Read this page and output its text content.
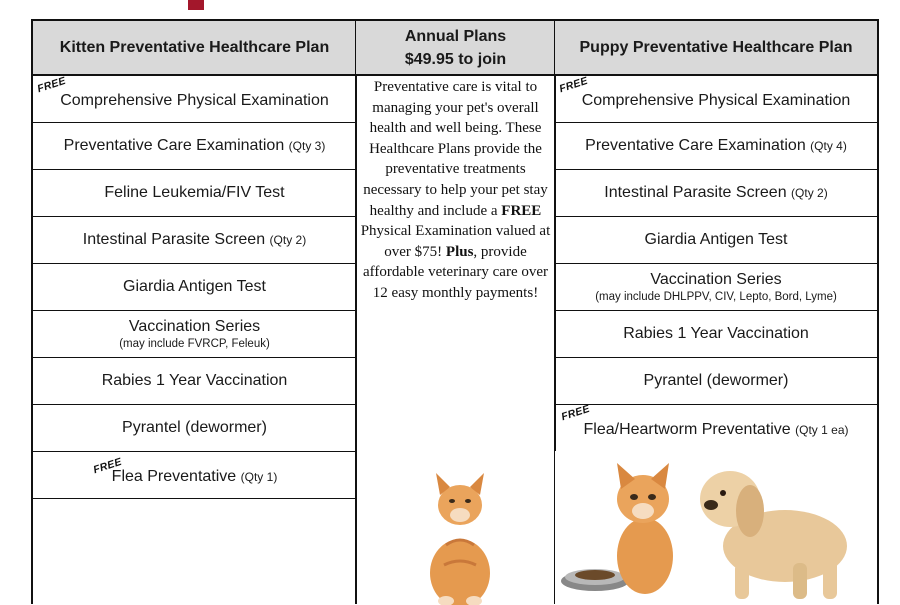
Kitten Preventative Healthcare Plan
Comprehensive Physical Examination
FREE
Preventative Care Examination (Qty 3)
Feline Leukemia/FIV Test
Intestinal Parasite Screen (Qty 2)
Giardia Antigen Test
Vaccination Series
(may include FVRCP, Feleuk)
Rabies 1 Year Vaccination
Pyrantel (dewormer)
Flea Preventative (Qty 1)
FREE
Annual Plans
$49.95 to join
Preventative care is vital to managing your pet's overall health and well being. These Healthcare Plans provide the preventative treatments necessary to help your pet stay healthy and include a FREE Physical Examination valued at over $75! Plus, provide affordable veterinary care over 12 easy monthly payments!
Puppy Preventative Healthcare Plan
Comprehensive Physical Examination
FREE
Preventative Care Examination (Qty 4)
Intestinal Parasite Screen (Qty 2)
Giardia Antigen Test
Vaccination Series
(may include DHLPPV, CIV, Lepto, Bord, Lyme)
Rabies 1 Year Vaccination
Pyrantel (dewormer)
Flea/Heartworm Preventative (Qty 1 ea)
FREE
